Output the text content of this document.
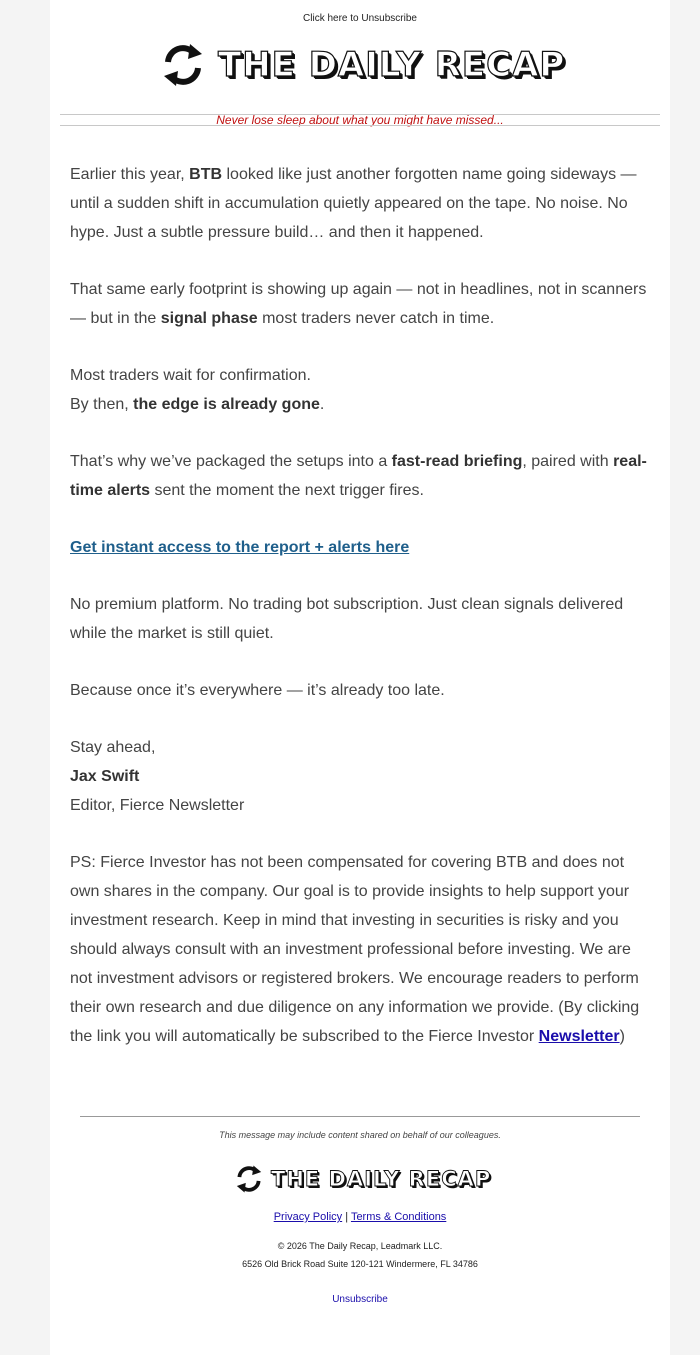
Click here to Unsubscribe
THE DAILY RECAP
Never lose sleep about what you might have missed...

Earlier this year, BTB looked like just another forgotten name going sideways — until a sudden shift in accumulation quietly appeared on the tape. No noise. No hype. Just a subtle pressure build… and then it happened.

That same early footprint is showing up again — not in headlines, not in scanners — but in the signal phase most traders never catch in time.

Most traders wait for confirmation.
By then, the edge is already gone.

That’s why we’ve packaged the setups into a fast-read briefing, paired with real-time alerts sent the moment the next trigger fires.

Get instant access to the report + alerts here

No premium platform. No trading bot subscription. Just clean signals delivered while the market is still quiet.

Because once it’s everywhere — it’s already too late.

Stay ahead,
Jax Swift
Editor, Fierce Newsletter

PS: Fierce Investor has not been compensated for covering BTB and does not own shares in the company. Our goal is to provide insights to help support your investment research. Keep in mind that investing in securities is risky and you should always consult with an investment professional before investing. We are not investment advisors or registered brokers. We encourage readers to perform their own research and due diligence on any information we provide. (By clicking the link you will automatically be subscribed to the Fierce Investor Newsletter)

This message may include content shared on behalf of our colleagues.
THE DAILY RECAP
Privacy Policy | Terms & Conditions
© 2026 The Daily Recap, Leadmark LLC.
6526 Old Brick Road Suite 120-121 Windermere, FL 34786
Unsubscribe
